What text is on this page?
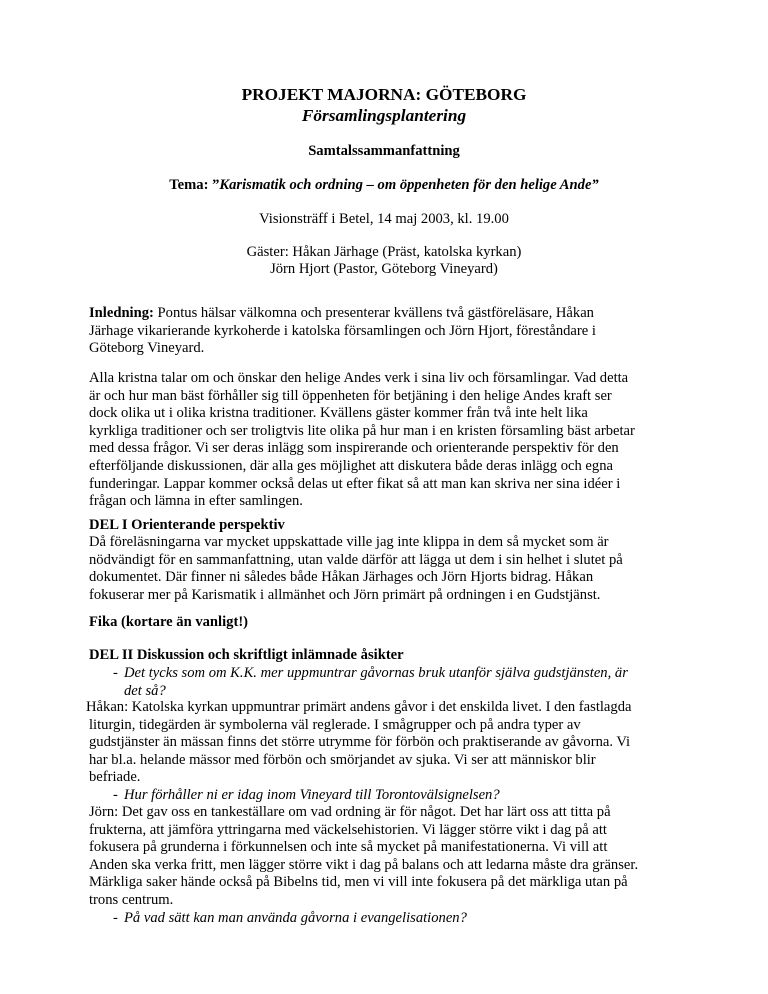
PROJEKT MAJORNA: GÖTEBORG
Församlingsplantering
Samtalssammanfattning
Tema: ”Karismatik och ordning – om öppenheten för den helige Ande”
Visionsträff i Betel, 14 maj 2003, kl. 19.00
Gäster: Håkan Järhage (Präst, katolska kyrkan)
Jörn Hjort (Pastor, Göteborg Vineyard)

Inledning: Pontus hälsar välkomna och presenterar kvällens två gästföreläsare, Håkan

Järhage vikarierande kyrkoherde i katolska församlingen och Jörn Hjort, föreståndare i

Göteborg Vineyard.

Alla kristna talar om och önskar den helige Andes verk i sina liv och församlingar. Vad detta

är och hur man bäst förhåller sig till öppenheten för betjäning i den helige Andes kraft ser

dock olika ut i olika kristna traditioner. Kvällens gäster kommer från två inte helt lika

kyrkliga traditioner och ser troligtvis lite olika på hur man i en kristen församling bäst arbetar

med dessa frågor. Vi ser deras inlägg som inspirerande och orienterande perspektiv för den

efterföljande diskussionen, där alla ges möjlighet att diskutera både deras inlägg och egna

funderingar. Lappar kommer också delas ut efter fikat så att man kan skriva ner sina idéer i

frågan och lämna in efter samlingen.

DEL I Orienterande perspektiv

Då föreläsningarna var mycket uppskattade ville jag inte klippa in dem så mycket som är

nödvändigt för en sammanfattning, utan valde därför att lägga ut dem i sin helhet i slutet på

dokumentet. Där finner ni således både Håkan Järhages och Jörn Hjorts bidrag. Håkan

fokuserar mer på Karismatik i allmänhet och Jörn primärt på ordningen i en Gudstjänst.

Fika (kortare än vanligt!)
DEL II Diskussion och skriftligt inlämnade åsikter
- Det tycks som om K.K. mer uppmuntrar gåvornas bruk utanför själva gudstjänsten, är

det så?

Håkan: Katolska kyrkan uppmuntrar primärt andens gåvor i det enskilda livet. I den fastlagda

liturgin, tidegärden är symbolerna väl reglerade. I smågrupper och på andra typer av

gudstjänster än mässan finns det större utrymme för förbön och praktiserande av gåvorna. Vi

har bl.a. helande mässor med förbön och smörjandet av sjuka. Vi ser att människor blir

befriade.

- Hur förhåller ni er idag inom Vineyard till Torontovälsignelsen?

Jörn: Det gav oss en tankeställare om vad ordning är för något. Det har lärt oss att titta på

frukterna, att jämföra yttringarna med väckelsehistorien. Vi lägger större vikt i dag på att

fokusera på grunderna i förkunnelsen och inte så mycket på manifestationerna. Vi vill att

Anden ska verka fritt, men lägger större vikt i dag på balans och att ledarna måste dra gränser.

Märkliga saker hände också på Bibelns tid, men vi vill inte fokusera på det märkliga utan på

trons centrum.

- På vad sätt kan man använda gåvorna i evangelisationen?
